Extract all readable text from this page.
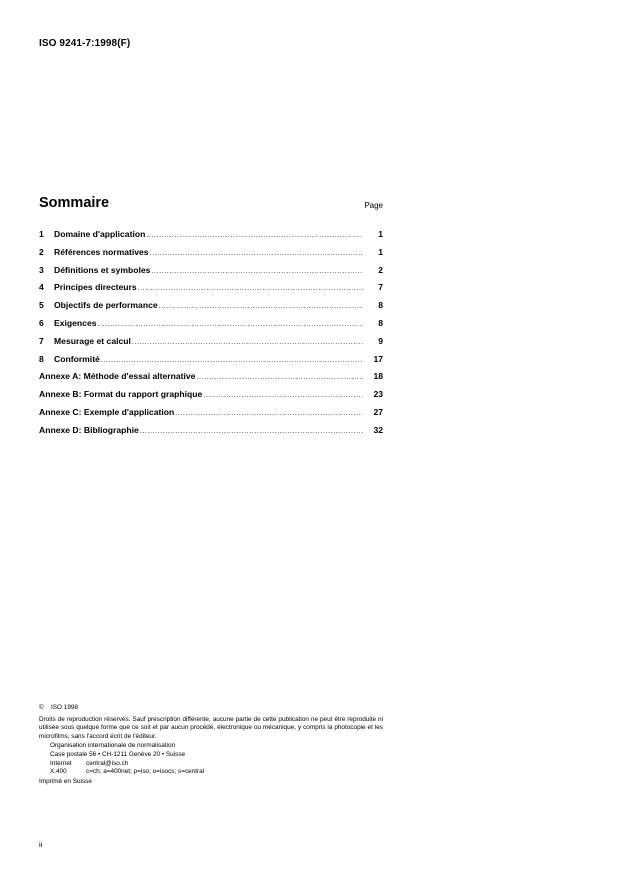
ISO 9241-7:1998(F)
Sommaire	Page
1	Domaine d'application .....	1
2	Références normatives .....	1
3	Définitions et symboles .....	2
4	Principes directeurs .....	7
5	Objectifs de performance .....	8
6	Exigences .....	8
7	Mesurage et calcul .....	9
8	Conformité .....	17
Annexe A: Méthode d'essai alternative .....	18
Annexe B: Format du rapport graphique .....	23
Annexe C: Exemple d'application .....	27
Annexe D: Bibliographie .....	32
©	ISO 1998
Droits de reproduction réservés. Sauf prescription différente, aucune partie de cette publication ne peut être reproduite ni utilisée sous quelque forme que ce soit et par aucun procédé, électronique ou mécanique, y compris la photocopie et les microfilms, sans l'accord écrit de l'éditeur.
Organisation internationale de normalisation
Case postale 56 • CH-1211 Genève 20 • Suisse
Internet	central@iso.ch
X.400	c=ch; a=400net; p=iso; o=isocs; s=central
Imprimé en Suisse
ii
